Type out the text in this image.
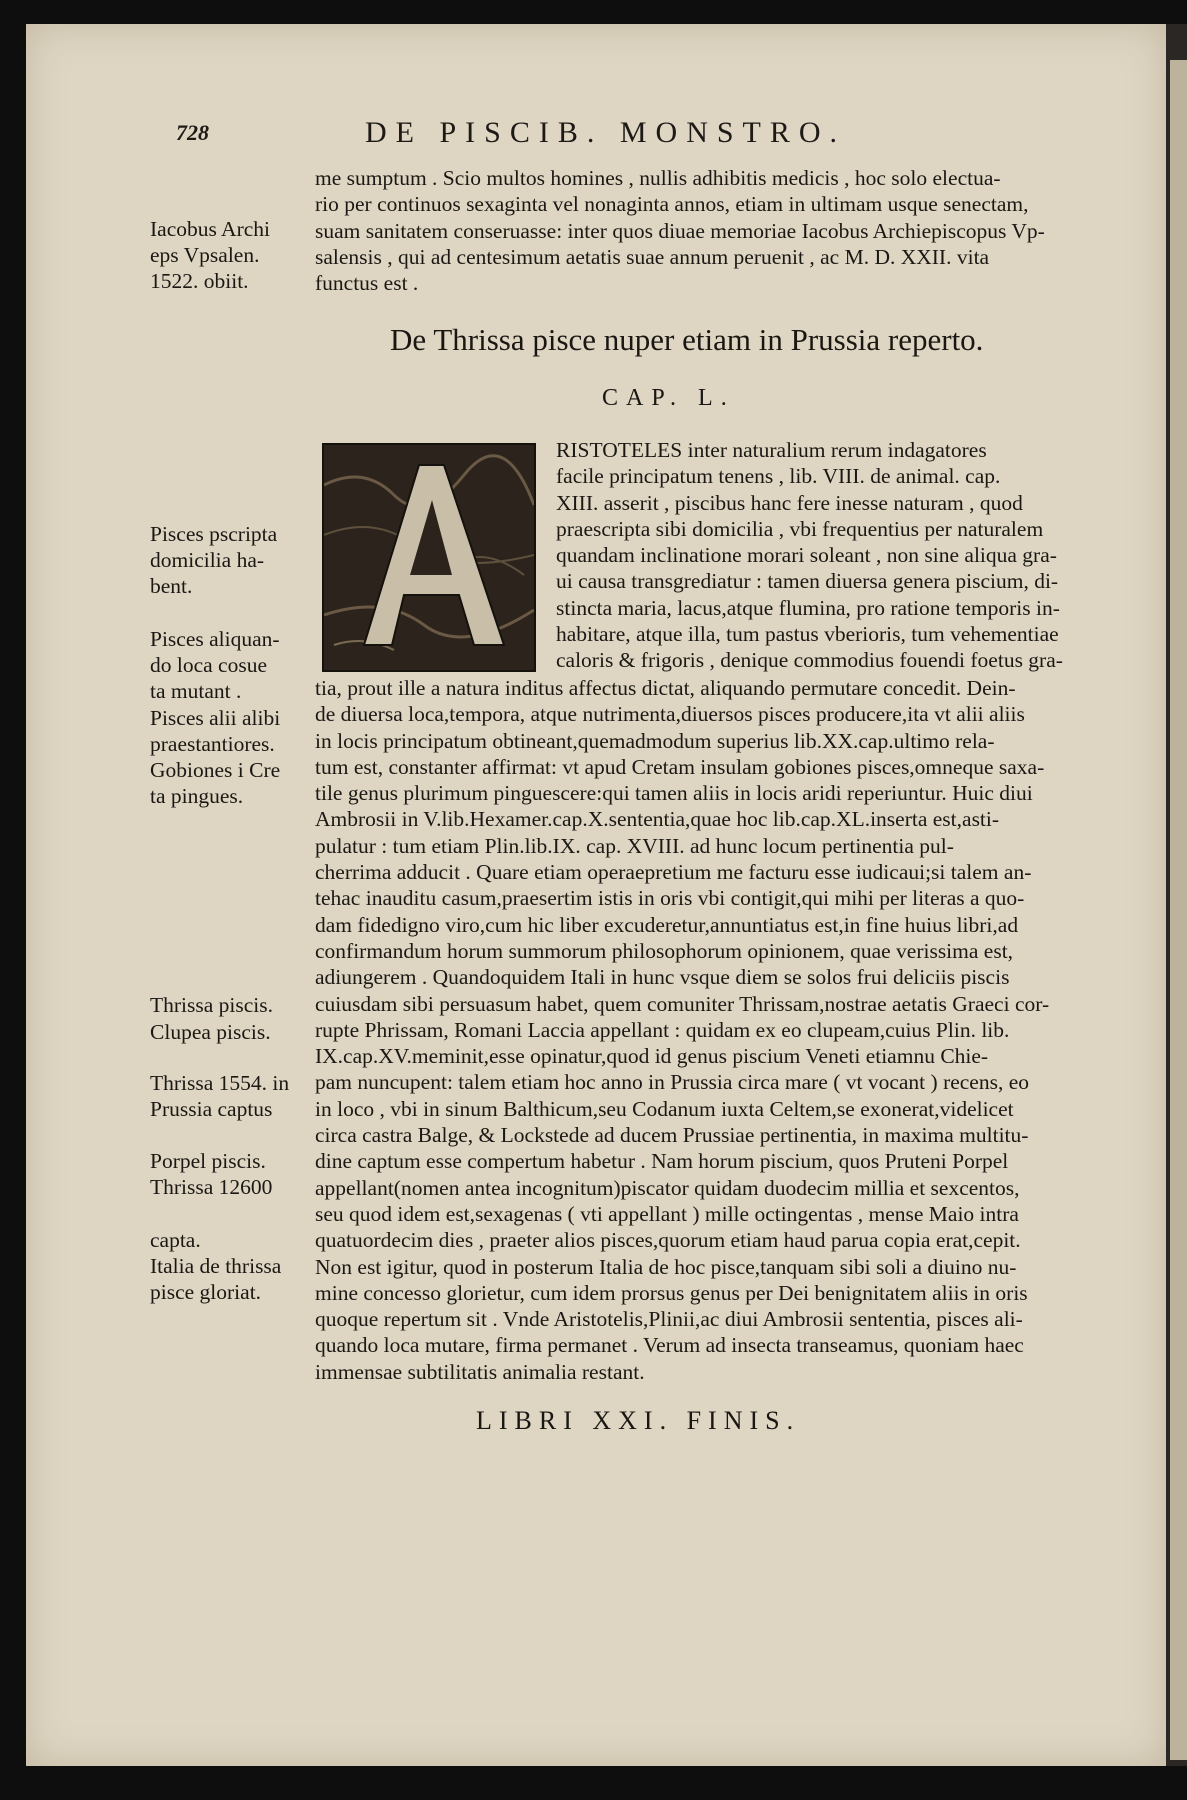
728	DE PISCIB. MONSTRO.
me sumptum . Scio multos homines , nullis adhibitis medicis , hoc solo electua-
rio per continuos sexaginta vel nonaginta annos, etiam in ultimam usque senectam,
suam sanitatem conseruasse: inter quos diuae memoriae Iacobus Archiepiscopus Vp-
salensis , qui ad centesimum aetatis suae annum peruenit , ac M. D. XXII. vita
functus est .
Iacobus Archi
eps Vpsalen.
1522. obiit.
De Thrissa pisce nuper etiam in Prussia reperto.
CAP. L.
RISTOTELES inter naturalium rerum indagatores
facile principatum tenens , lib. VIII. de animal. cap.
XIII. asserit , piscibus hanc fere inesse naturam , quod
praescripta sibi domicilia , vbi frequentius per naturalem
quandam inclinatione morari soleant , non sine aliqua gra-
ui causa transgrediatur : tamen diuersa genera piscium, di-
stincta maria, lacus,atque flumina, pro ratione temporis in-
habitare, atque illa, tum pastus vberioris, tum vehementiae
caloris & frigoris , denique commodius fouendi foetus gra-
tia, prout ille a natura inditus affectus dictat, aliquando permutare concedit. Dein-
de diuersa loca,tempora, atque nutrimenta,diuersos pisces producere,ita vt alii aliis
in locis principatum obtineant,quemadmodum superius lib.XX.cap.ultimo rela-
tum est, constanter affirmat: vt apud Cretam insulam gobiones pisces,omneque saxa-
tile genus plurimum pinguescere:qui tamen aliis in locis aridi reperiuntur. Huic diui
Ambrosii in V.lib.Hexamer.cap.X.sententia,quae hoc lib.cap.XL.inserta est,asti-
pulatur : tum etiam Plin.lib.IX. cap. XVIII. ad hunc locum pertinentia pul-
cherrima adducit . Quare etiam operaepretium me facturu esse iudicaui;si talem an-
tehac inauditu casum,praesertim istis in oris vbi contigit,qui mihi per literas a quo-
dam fidedigno viro,cum hic liber excuderetur,annuntiatus est,in fine huius libri,ad
confirmandum horum summorum philosophorum opinionem, quae verissima est,
adiungerem . Quandoquidem Itali in hunc vsque diem se solos frui deliciis piscis
cuiusdam sibi persuasum habet, quem comuniter Thrissam,nostrae aetatis Graeci cor-
rupte Phrissam, Romani Laccia appellant : quidam ex eo clupeam,cuius Plin. lib.
IX.cap.XV.meminit,esse opinatur,quod id genus piscium Veneti etiamnu Chie-
pam nuncupent: talem etiam hoc anno in Prussia circa mare ( vt vocant ) recens, eo
in loco , vbi in sinum Balthicum,seu Codanum iuxta Celtem,se exonerat,videlicet
circa castra Balge, & Lockstede ad ducem Prussiae pertinentia, in maxima multitu-
dine captum esse compertum habetur . Nam horum piscium, quos Pruteni Porpel
appellant(nomen antea incognitum)piscator quidam duodecim millia et sexcentos,
seu quod idem est,sexagenas ( vti appellant ) mille octingentas , mense Maio intra
quatuordecim dies , praeter alios pisces,quorum etiam haud parua copia erat,cepit.
Non est igitur, quod in posterum Italia de hoc pisce,tanquam sibi soli a diuino nu-
mine concesso glorietur, cum idem prorsus genus per Dei benignitatem aliis in oris
quoque repertum sit . Vnde Aristotelis,Plinii,ac diui Ambrosii sententia, pisces ali-
quando loca mutare, firma permanet . Verum ad insecta transeamus, quoniam haec
immensae subtilitatis animalia restant.
Pisces pscripta
domicilia ha-
bent.
Pisces aliquan-
do loca cosue
ta mutant .
Pisces alii alibi
praestantiores.
Gobiones i Cre
ta pingues.
Thrissa piscis.
Clupea piscis.
Thrissa 1554. in
Prussia captus
Porpel piscis.
Thrissa 12600
capta.
Italia de thrissa
pisce gloriat.
LIBRI XXI. FINIS.
